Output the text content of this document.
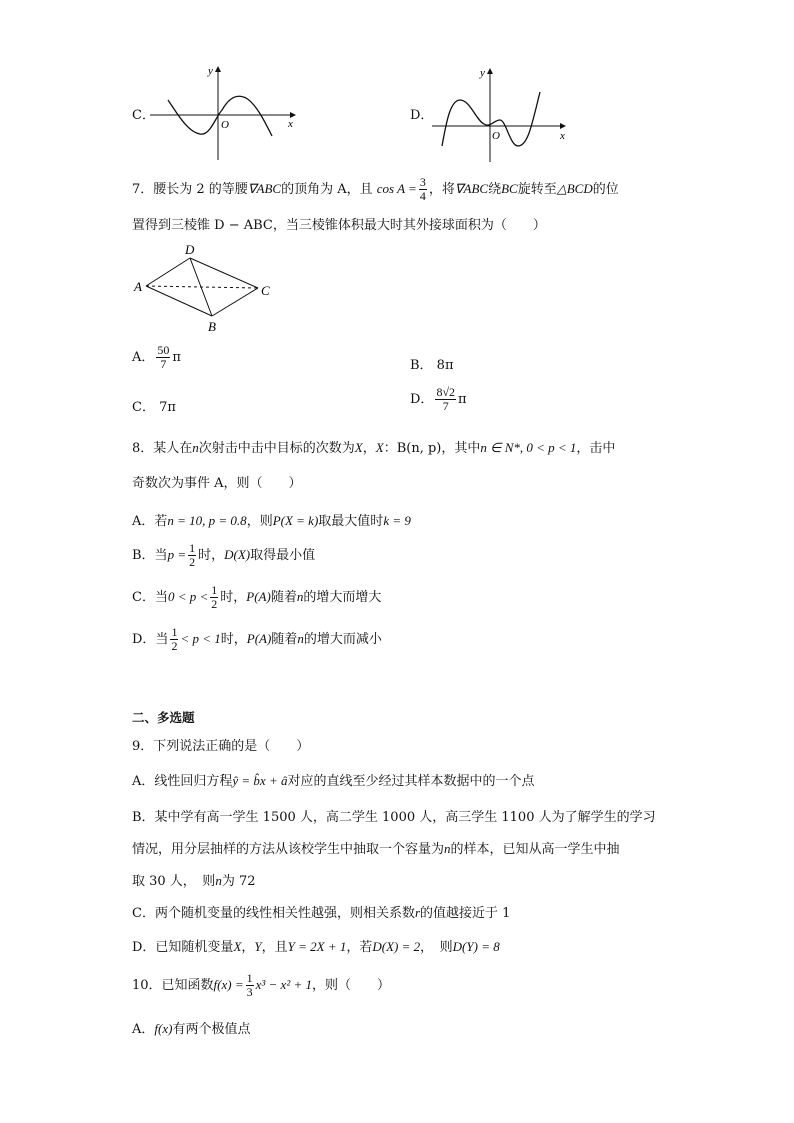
C．
x
y
O
D．
x
y
O
7．腰长为 2 的等腰∇ABC的顶角为 A，且 $\cos A = \frac{3}{4}$ ，将∇ABC绕BC旋转至△BCD的位
置得到三棱锥 D − ABC，当三棱锥体积最大时其外接球面积为（　　）
D
A	C
B
A． $\frac{50}{7}$ π
B． 8π
C． 7π
D． $\frac{8√2}{7}$ π
8．某人在n次射击中击中目标的次数为X，X：B(n, p)，其中n ∈ N*, 0 < p < 1，击中
奇数次为事件 A，则（　　）
A．若n = 10, p = 0.8，则P(X = k)取最大值时k = 9
B．当$p = \frac{1}{2}$ 时，D(X)取得最小值
C．当$0 < p < \frac{1}{2}$ 时，P(A)随着n的增大而增大
D．当 $\frac{1}{2} < p < 1$时，P(A)随着n的增大而减小
二、多选题
9．下列说法正确的是（　　）
A．线性回归方程ŷ = b̂x + â对应的直线至少经过其样本数据中的一个点
B．某中学有高一学生 1500 人，高二学生 1000 人，高三学生 1100 人为了解学生的学习
情况，用分层抽样的方法从该校学生中抽取一个容量为n的样本，已知从高一学生中抽
取 30 人，　则n为 72
C．两个随机变量的线性相关性越强，则相关系数r的值越接近于 1
D．已知随机变量X，Y，且Y = 2X + 1，若D(X) = 2，　则D(Y) = 8
10．已知函数$f(x) = \frac{1}{3} x^3 - x^2 + 1$，则（　　）
A．f(x)有两个极值点
